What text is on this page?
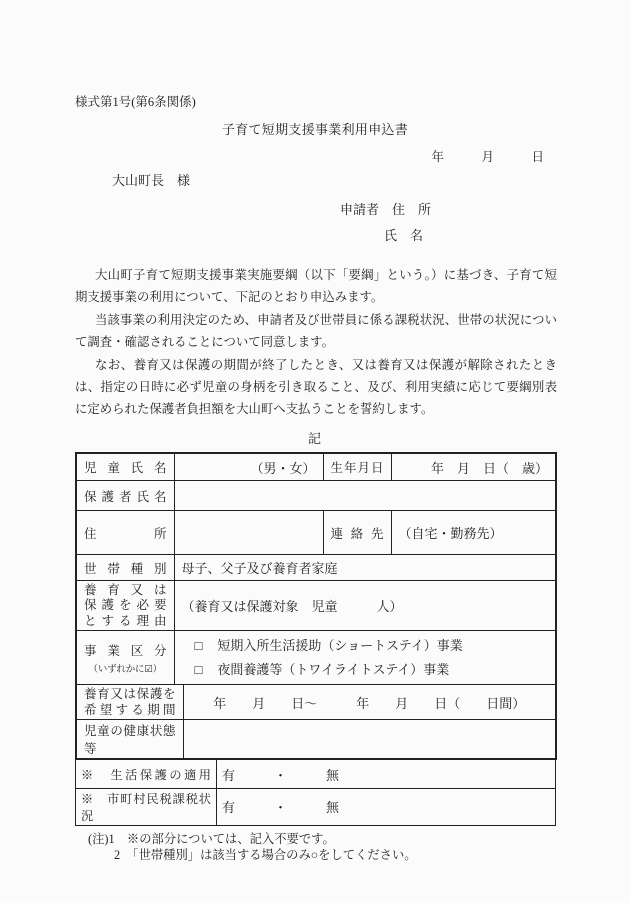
様式第1号(第6条関係)
子育て短期支援事業利用申込書
年　　　月　　　日
大山町長　様
申請者　住　所
氏　名

大山町子育て短期支援事業実施要綱（以下「要綱」という。）に基づき、子育て短期支援事業の利用について、下記のとおり申込みます。

当該事業の利用決定のため、申請者及び世帯員に係る課税状況、世帯の状況について調査・確認されることについて同意します。

なお、養育又は保護の期間が終了したとき、又は養育又は保護が解除されたときは、指定の日時に必ず児童の身柄を引き取ること、及び、利用実績に応じて要綱別表に定められた保護者負担額を大山町へ支払うことを誓約します。

記
児童氏名	（男・女）		生年月日	年　月　日（　歳）

保護者氏名				

住所			連絡先	（自宅・勤務先）

世帯種別	母子、父子及び養育者家庭			

養育又は
保護を必要
とする理由	（養育又は保護対象　児童　　　人）			

事業区分
（いずれかに☑）

□ 短期入所生活援助（ショートステイ）事業
□ 夜間養護等（トワイライトステイ）事業

養育又は保護を
希望する期間		年　　月　　日～　　　年　　月　　日（　　日間）		

児童の健康状態等				

※　生活保護の適用	有　　　・　　　無

※　市町村民税課税状況	有　　　・　　　無
(注)1　※の部分については、記入不要です。
2　「世帯種別」は該当する場合のみ○をしてください。
